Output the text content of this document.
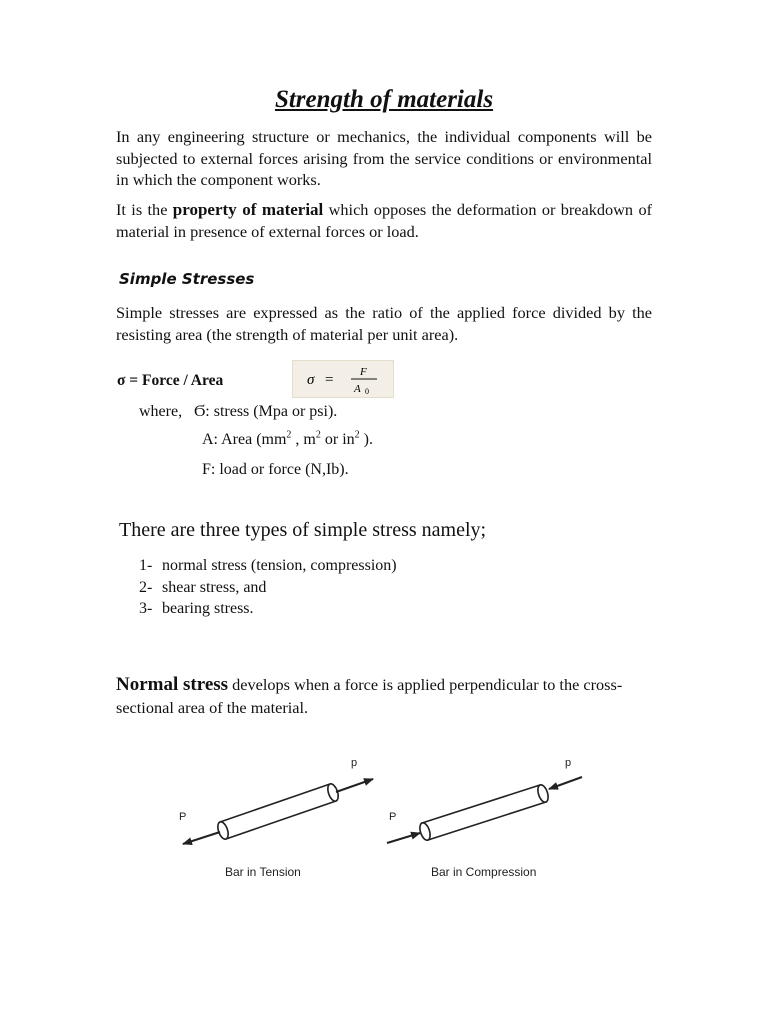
Strength of materials

In any engineering structure or mechanics, the individual components will be subjected to external forces arising from the service conditions or environmental in which the component works.

It is the property of material which opposes the deformation or breakdown of material in presence of external forces or load.

Simple Stresses

Simple stresses are expressed as the ratio of the applied force divided by the resisting area (the strength of material per unit area).

σ = Force / Area	σ = F
A 0
where, Ϭ: stress (Mpa or psi).
A: Area ($mm^2$ , $m^2$ or $in^2$ ).
F: load or force (N,Ib).
There are three types of simple stress namely;
1- normal stress (tension, compression)
2- shear stress, and
3- bearing stress.

Normal stress develops when a force is applied perpendicular to the cross-sectional area of the material.

P
p
Bar in Tension
P
p
Bar in Compression
